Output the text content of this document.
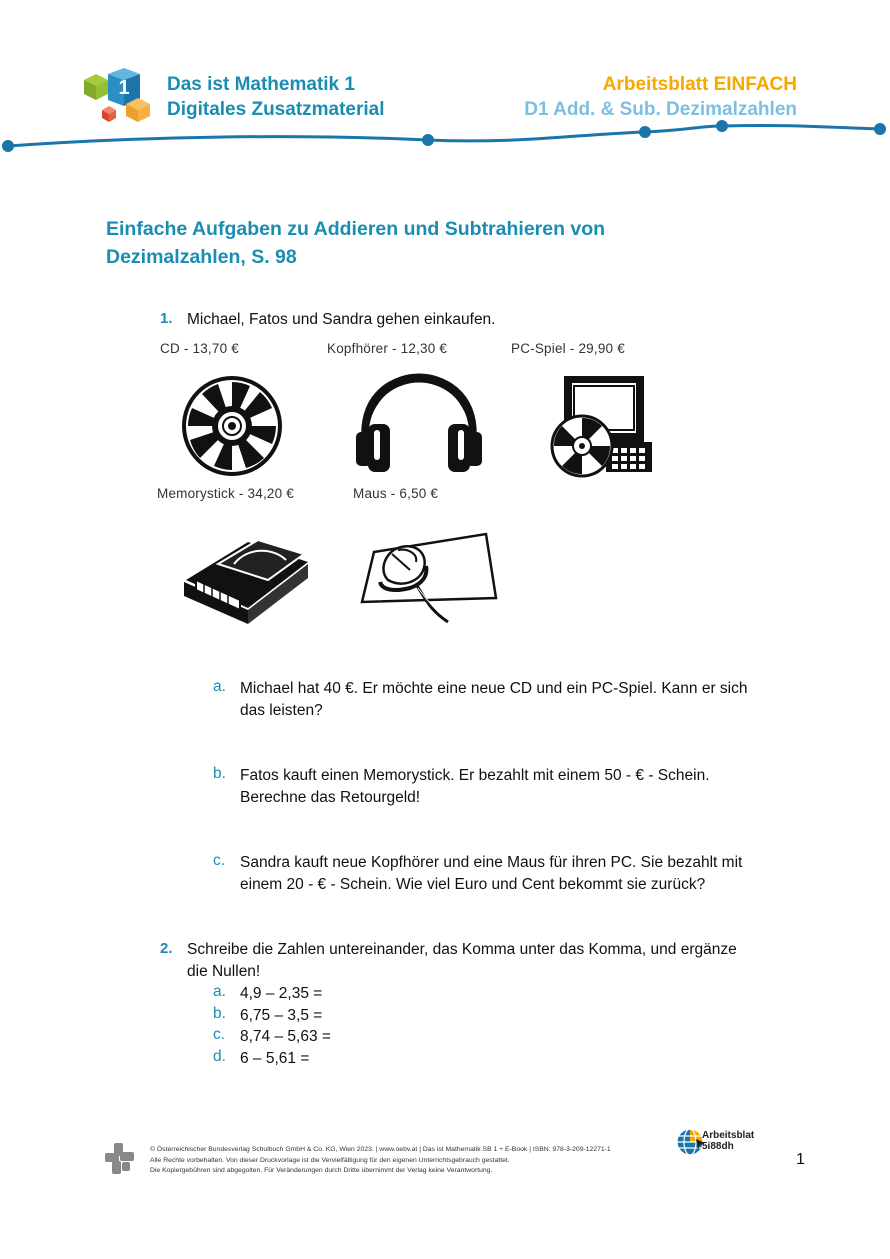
1 Das ist Mathematik 1
Digitales Zusatzmaterial
Arbeitsblatt EINFACH
D1 Add. & Sub. Dezimalzahlen
Einfache Aufgaben zu Addieren und Subtrahieren von
Dezimalzahlen, S. 98
1. Michael, Fatos und Sandra gehen einkaufen.
CD - 13,70 €	Kopfhörer - 12,30 €	PC-Spiel - 29,90 €
Memorystick - 34,20 €	Maus - 6,50 €
a. Michael hat 40 €. Er möchte eine neue CD und ein PC-Spiel. Kann er sich
das leisten?
b. Fatos kauft einen Memorystick. Er bezahlt mit einem 50 - € - Schein.
Berechne das Retourgeld!
c. Sandra kauft neue Kopfhörer und eine Maus für ihren PC. Sie bezahlt mit
einem 20 - € - Schein. Wie viel Euro und Cent bekommt sie zurück?
2. Schreibe die Zahlen untereinander, das Komma unter das Komma, und ergänze
die Nullen!
a. 4,9 – 2,35 =
b. 6,75 – 3,5 =
c. 8,74 – 5,63 =
d. 6 – 5,61 =
© Österreichischer Bundesverlag Schulbuch GmbH & Co. KG, Wien 2023. | www.oebv.at | Das ist Mathematik SB 1 + E-Book | ISBN: 978-3-209-12271-1
Alle Rechte vorbehalten. Von dieser Druckvorlage ist die Vervielfältigung für den eigenen Unterrichtsgebrauch gestattet.
Die Kopiergebühren sind abgegolten. Für Veränderungen durch Dritte übernimmt der Verlag keine Verantwortung.
Arbeitsblat
5i88dh
1
